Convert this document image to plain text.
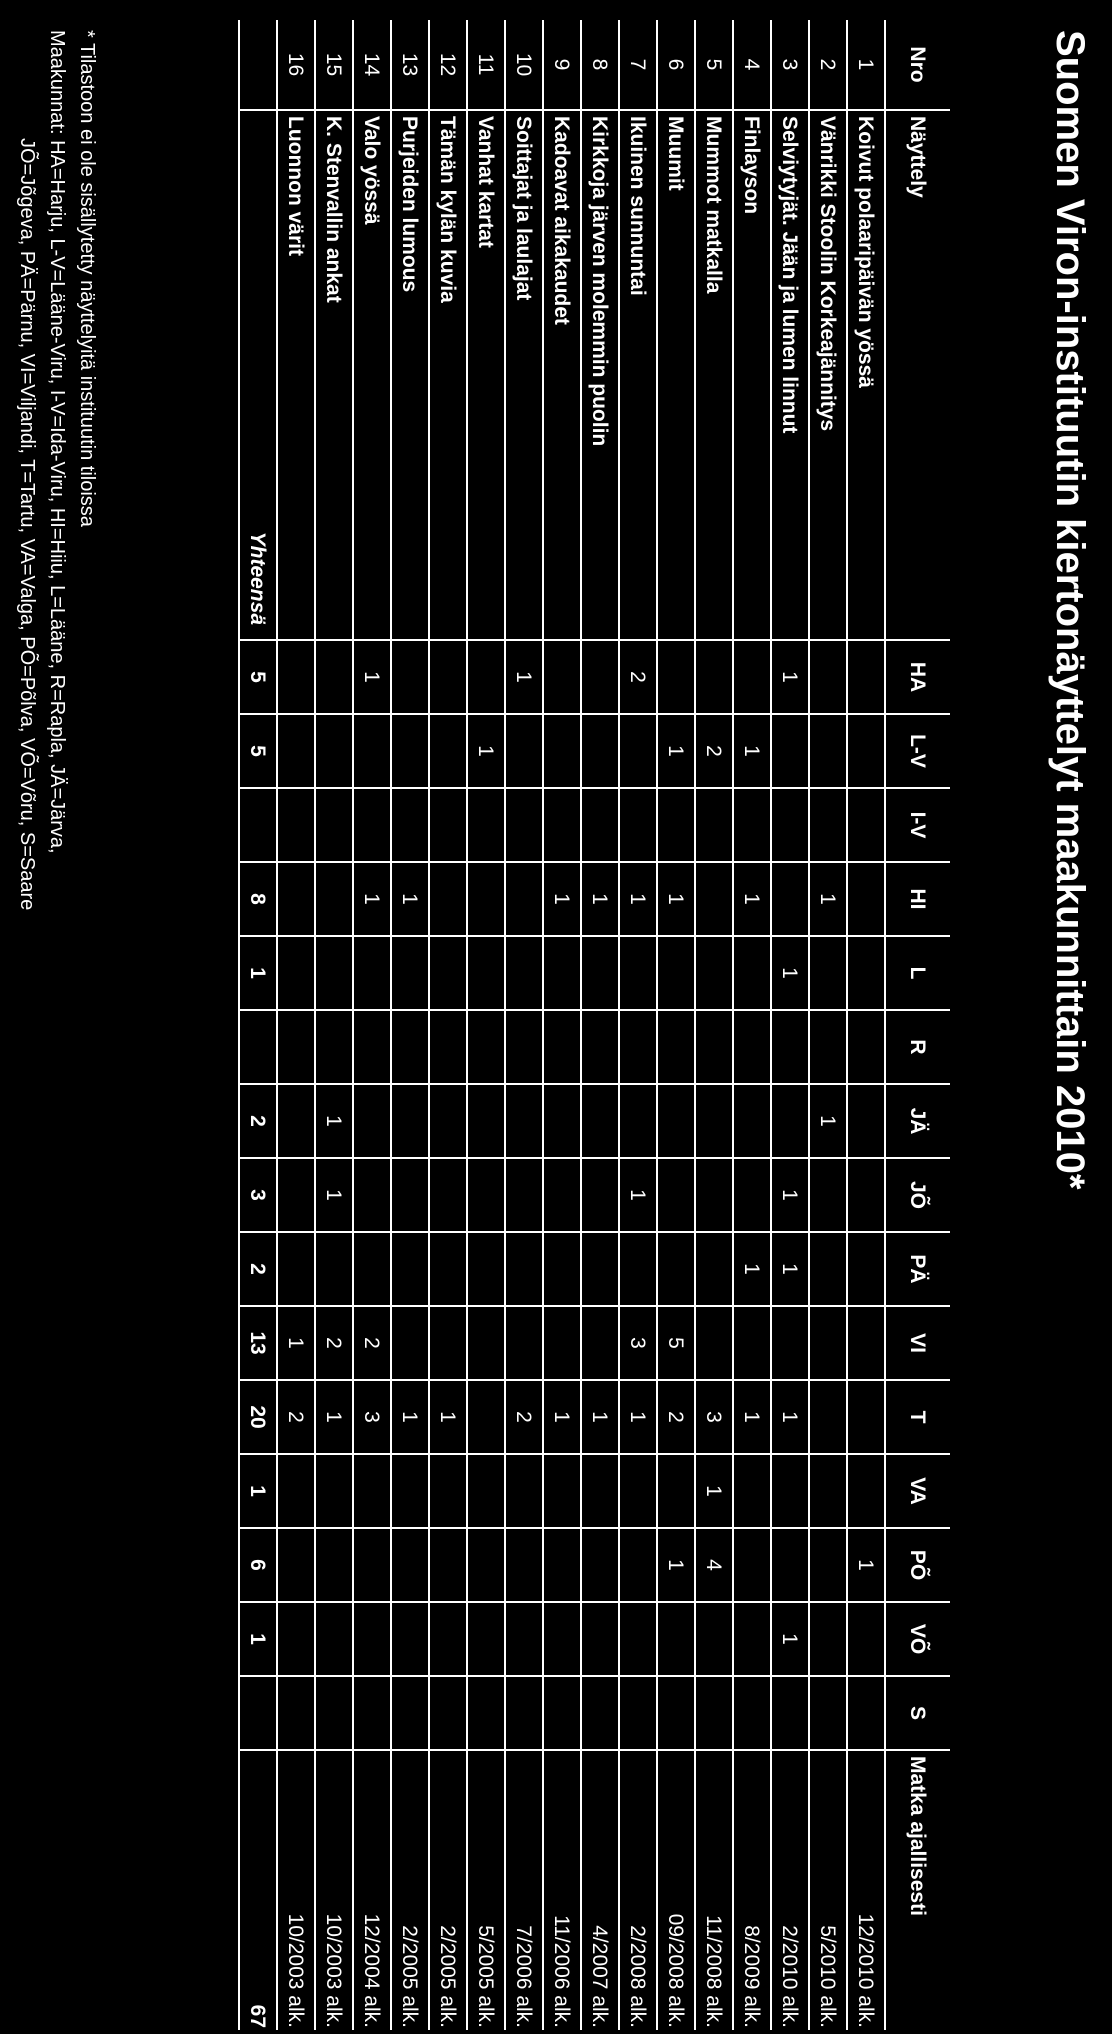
Suomen Viron-instituutin kiertonäyttelyt maakunnittain 2010*
Nro	Näyttely	HA	L-V	I-V	HI	L	R	JÄ	JÕ	PÄ	VI	T	VA	PÕ	VÕ	S	Matka ajallisesti
1	Koivut polaaripäivän yössä													1			12/2010 alk.
2	Vänrikki Stoolin Korkeajännitys				1			1									5/2010 alk.
3	Selviytyjät. Jään ja lumen linnut	1				1			1	1		1			1		2/2010 alk.
4	Finlayson		1		1					1		1					8/2009 alk.
5	Mummot matkalla		2									3	1	4			11/2008 alk.
6	Muumit		1		1						5	2		1			09/2008 alk.
7	Ikuinen sunnuntai	2			1				1		3	1					2/2008 alk.
8	Kirkkoja järven molemmin puolin				1							1					4/2007 alk.
9	Kadoavat aikakaudet				1							1					11/2006 alk.
10	Soittajat ja laulajat	1										2					7/2006 alk.
11	Vanhat kartat		1														5/2005 alk.
12	Tämän kylän kuvia											1					2/2005 alk.
13	Purjeiden lumous				1							1					2/2005 alk.
14	Valo yössä	1			1						2	3					12/2004 alk.
15	K. Stenvallin ankat							1	1		2	1					10/2003 alk.
16	Luonnon värit										1	2					10/2003 alk.
	Yhteensä	5	5		8	1		2	3	2	13	20	1	6	1		67
* Tilastoon ei ole sisällytetty näyttelyitä instituutin tiloissa
Maakunnat: HA=Harju, L-V=Lääne-Viru, I-V=Ida-Viru, HI=Hiiu, L=Lääne, R=Rapla, JÄ=Järva,
JÕ=Jõgeva, PÄ=Pärnu, VI=Viljandi, T=Tartu, VA=Valga, PÕ=Põlva, VÕ=Võru, S=Saare
